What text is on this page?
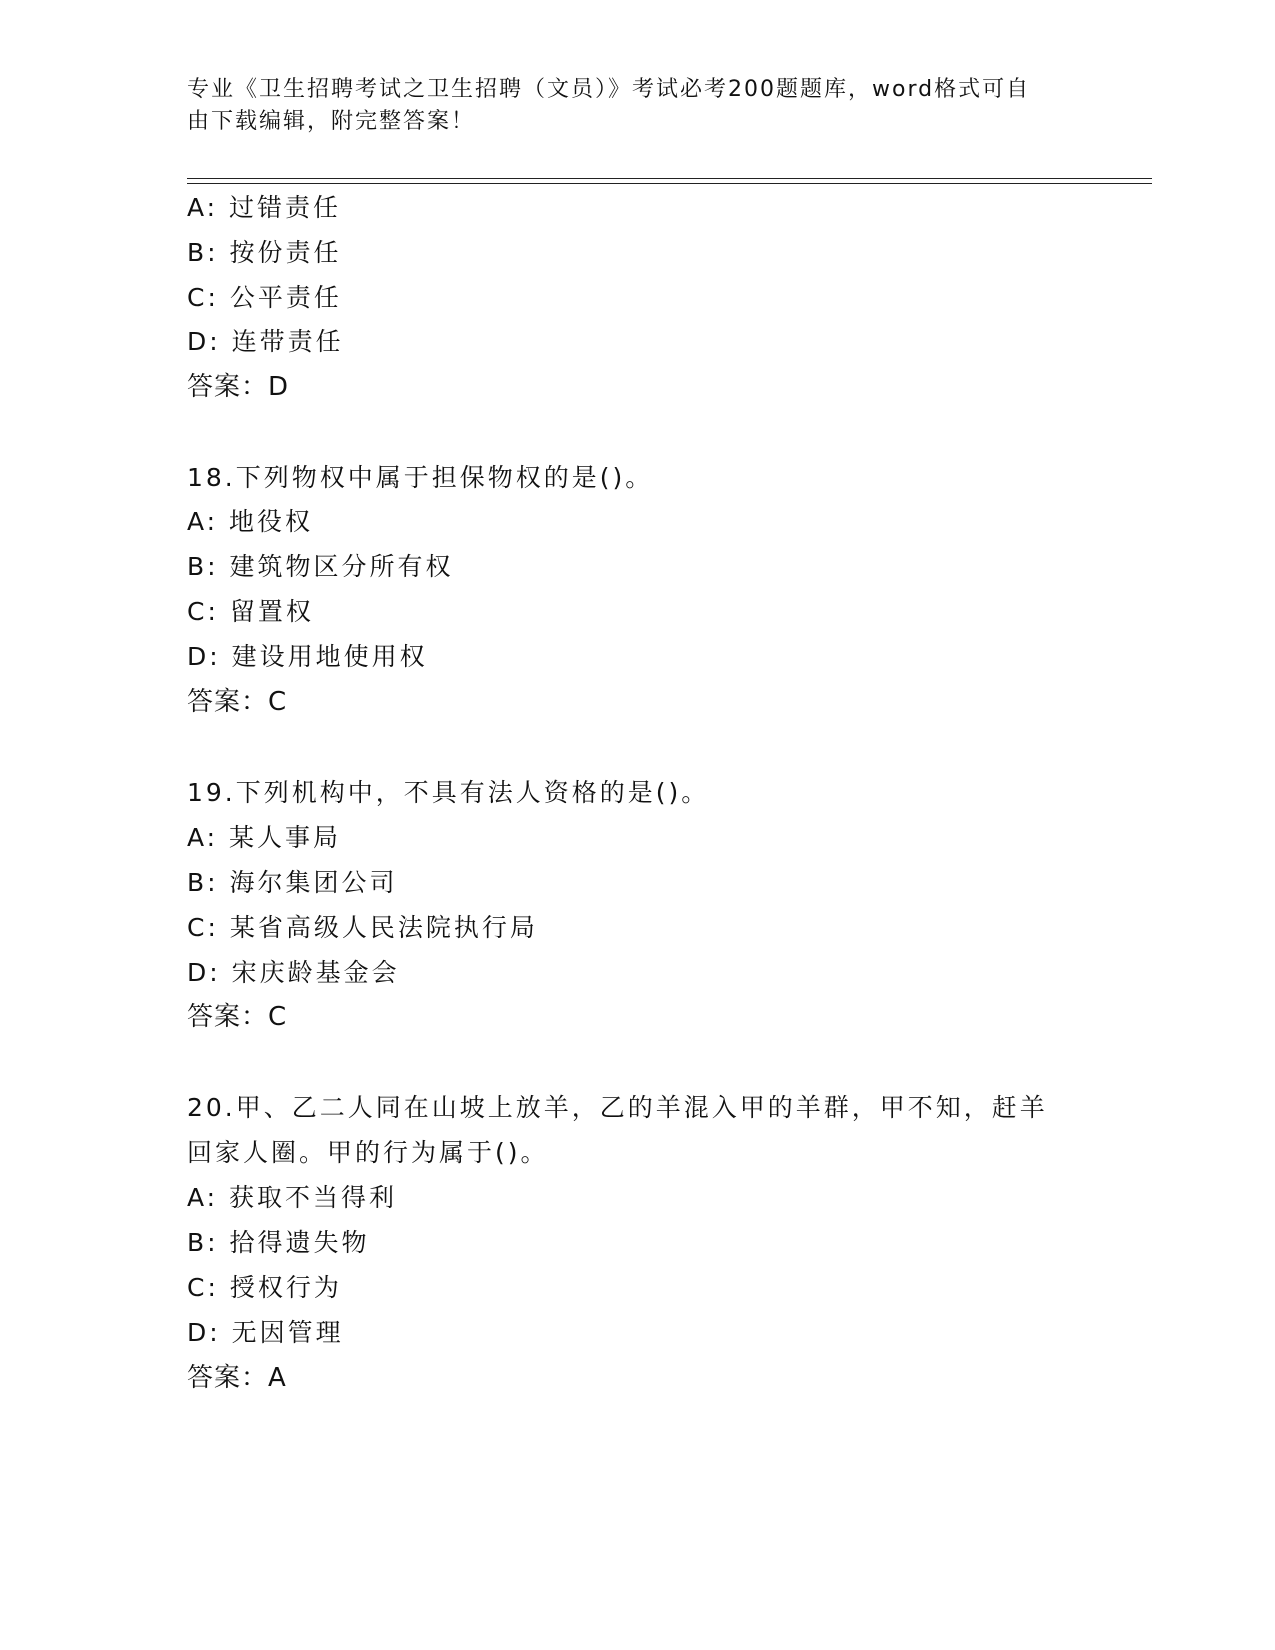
专业《卫生招聘考试之卫生招聘（文员）》考试必考200题题库，word格式可自
由下载编辑，附完整答案！
A: 过错责任
B: 按份责任
C: 公平责任
D: 连带责任
答案：D
18.下列物权中属于担保物权的是()。
A: 地役权
B: 建筑物区分所有权
C: 留置权
D: 建设用地使用权
答案：C
19.下列机构中，不具有法人资格的是()。
A: 某人事局
B: 海尔集团公司
C: 某省高级人民法院执行局
D: 宋庆龄基金会
答案：C
20.甲、乙二人同在山坡上放羊，乙的羊混入甲的羊群，甲不知，赶羊
回家人圈。甲的行为属于()。
A: 获取不当得利
B: 拾得遗失物
C: 授权行为
D: 无因管理
答案：A
